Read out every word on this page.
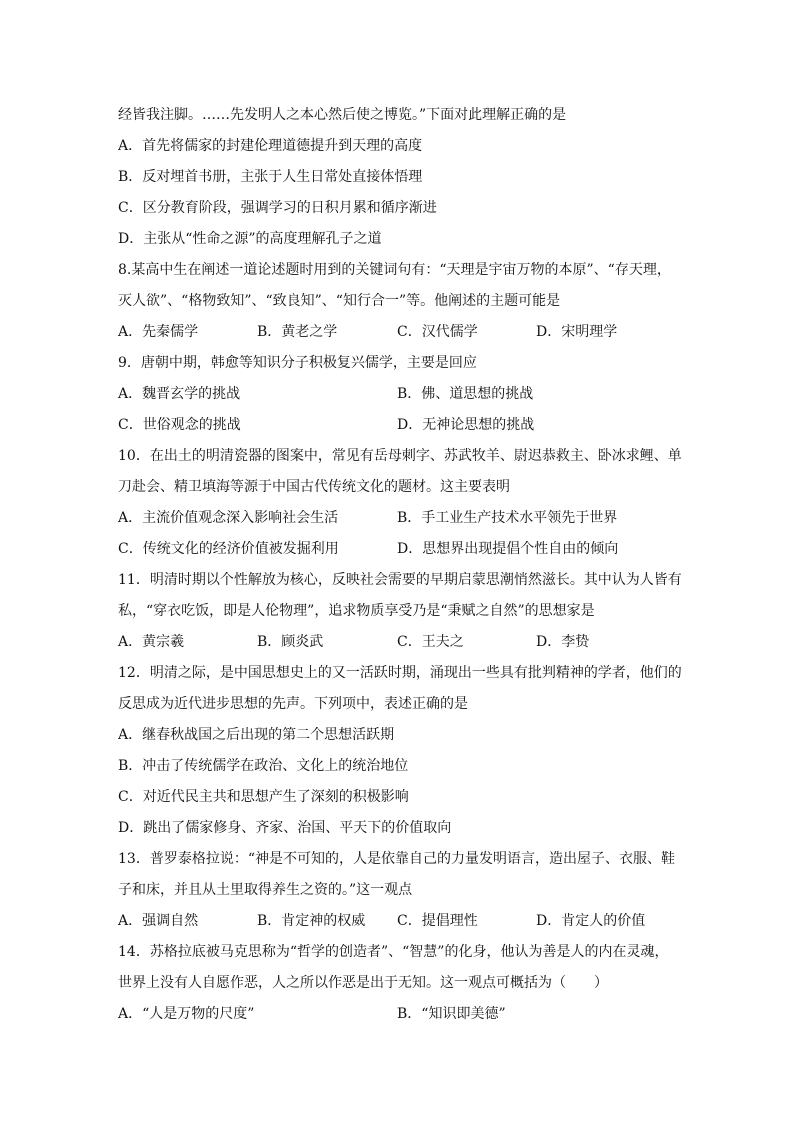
经皆我注脚。……先发明人之本心然后使之博览。”下面对此理解正确的是
A．首先将儒家的封建伦理道德提升到天理的高度
B．反对埋首书册，主张于人生日常处直接体悟理
C．区分教育阶段，强调学习的日积月累和循序渐进
D．主张从“性命之源”的高度理解孔子之道
8.某高中生在阐述一道论述题时用到的关键词句有：“天理是宇宙万物的本原”、“存天理，
灭人欲”、“格物致知”、“致良知”、“知行合一”等。他阐述的主题可能是
A．先秦儒学	B．黄老之学	C．汉代儒学	D．宋明理学
9．唐朝中期，韩愈等知识分子积极复兴儒学，主要是回应
A．魏晋玄学的挑战	B．佛、道思想的挑战
C．世俗观念的挑战	D．无神论思想的挑战
10．在出土的明清瓷器的图案中，常见有岳母刺字、苏武牧羊、尉迟恭救主、卧冰求鲤、单
刀赴会、精卫填海等源于中国古代传统文化的题材。这主要表明
A．主流价值观念深入影响社会生活	B．手工业生产技术水平领先于世界
C．传统文化的经济价值被发掘利用	D．思想界出现提倡个性自由的倾向
11．明清时期以个性解放为核心，反映社会需要的早期启蒙思潮悄然滋长。其中认为人皆有
私，“穿衣吃饭，即是人伦物理”，追求物质享受乃是“秉赋之自然”的思想家是
A．黄宗羲	B．顾炎武	C．王夫之	D．李贽
12．明清之际，是中国思想史上的又一活跃时期，涌现出一些具有批判精神的学者，他们的
反思成为近代进步思想的先声。下列项中，表述正确的是
A．继春秋战国之后出现的第二个思想活跃期
B．冲击了传统儒学在政治、文化上的统治地位
C．对近代民主共和思想产生了深刻的积极影响
D．跳出了儒家修身、齐家、治国、平天下的价值取向
13．普罗泰格拉说：“神是不可知的，人是依靠自己的力量发明语言，造出屋子、衣服、鞋
子和床，并且从土里取得养生之资的。”这一观点
A．强调自然	B．肯定神的权威 C．提倡理性	D．肯定人的价值
14．苏格拉底被马克思称为“哲学的创造者”、“智慧”的化身，他认为善是人的内在灵魂，
世界上没有人自愿作恶，人之所以作恶是出于无知。这一观点可概括为（　　）
A．“人是万物的尺度”	B．“知识即美德”
